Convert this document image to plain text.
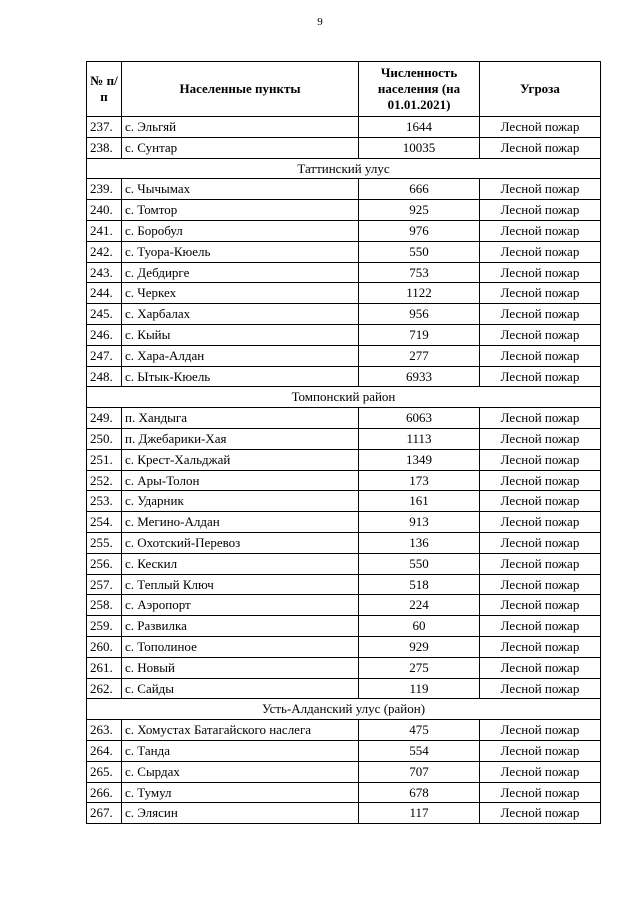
9
№ п/п	Населенные пункты	Численность населения (на 01.01.2021)	Угроза
237.	с. Эльгяй	1644	Лесной пожар
238.	с. Сунтар	10035	Лесной пожар
Таттинский улус			
239.	с. Чычымах	666	Лесной пожар
240.	с. Томтор	925	Лесной пожар
241.	с. Боробул	976	Лесной пожар
242.	с. Туора-Кюель	550	Лесной пожар
243.	с. Дебдирге	753	Лесной пожар
244.	с. Черкех	1122	Лесной пожар
245.	с. Харбалах	956	Лесной пожар
246.	с. Кыйы	719	Лесной пожар
247.	с. Хара-Алдан	277	Лесной пожар
248.	с. Ытык-Кюель	6933	Лесной пожар
Томпонский район			
249.	п. Хандыга	6063	Лесной пожар
250.	п. Джебарики-Хая	1113	Лесной пожар
251.	с. Крест-Хальджай	1349	Лесной пожар
252.	с. Ары-Толон	173	Лесной пожар
253.	с. Ударник	161	Лесной пожар
254.	с. Мегино-Алдан	913	Лесной пожар
255.	с. Охотский-Перевоз	136	Лесной пожар
256.	с. Кескил	550	Лесной пожар
257.	с. Теплый Ключ	518	Лесной пожар
258.	с. Аэропорт	224	Лесной пожар
259.	с. Развилка	60	Лесной пожар
260.	с. Тополиное	929	Лесной пожар
261.	с. Новый	275	Лесной пожар
262.	с. Сайды	119	Лесной пожар
Усть-Алданский улус (район)			
263.	с. Хомустах Батагайского наслега	475	Лесной пожар
264.	с. Танда	554	Лесной пожар
265.	с. Сырдах	707	Лесной пожар
266.	с. Тумул	678	Лесной пожар
267.	с. Элясин	117	Лесной пожар
